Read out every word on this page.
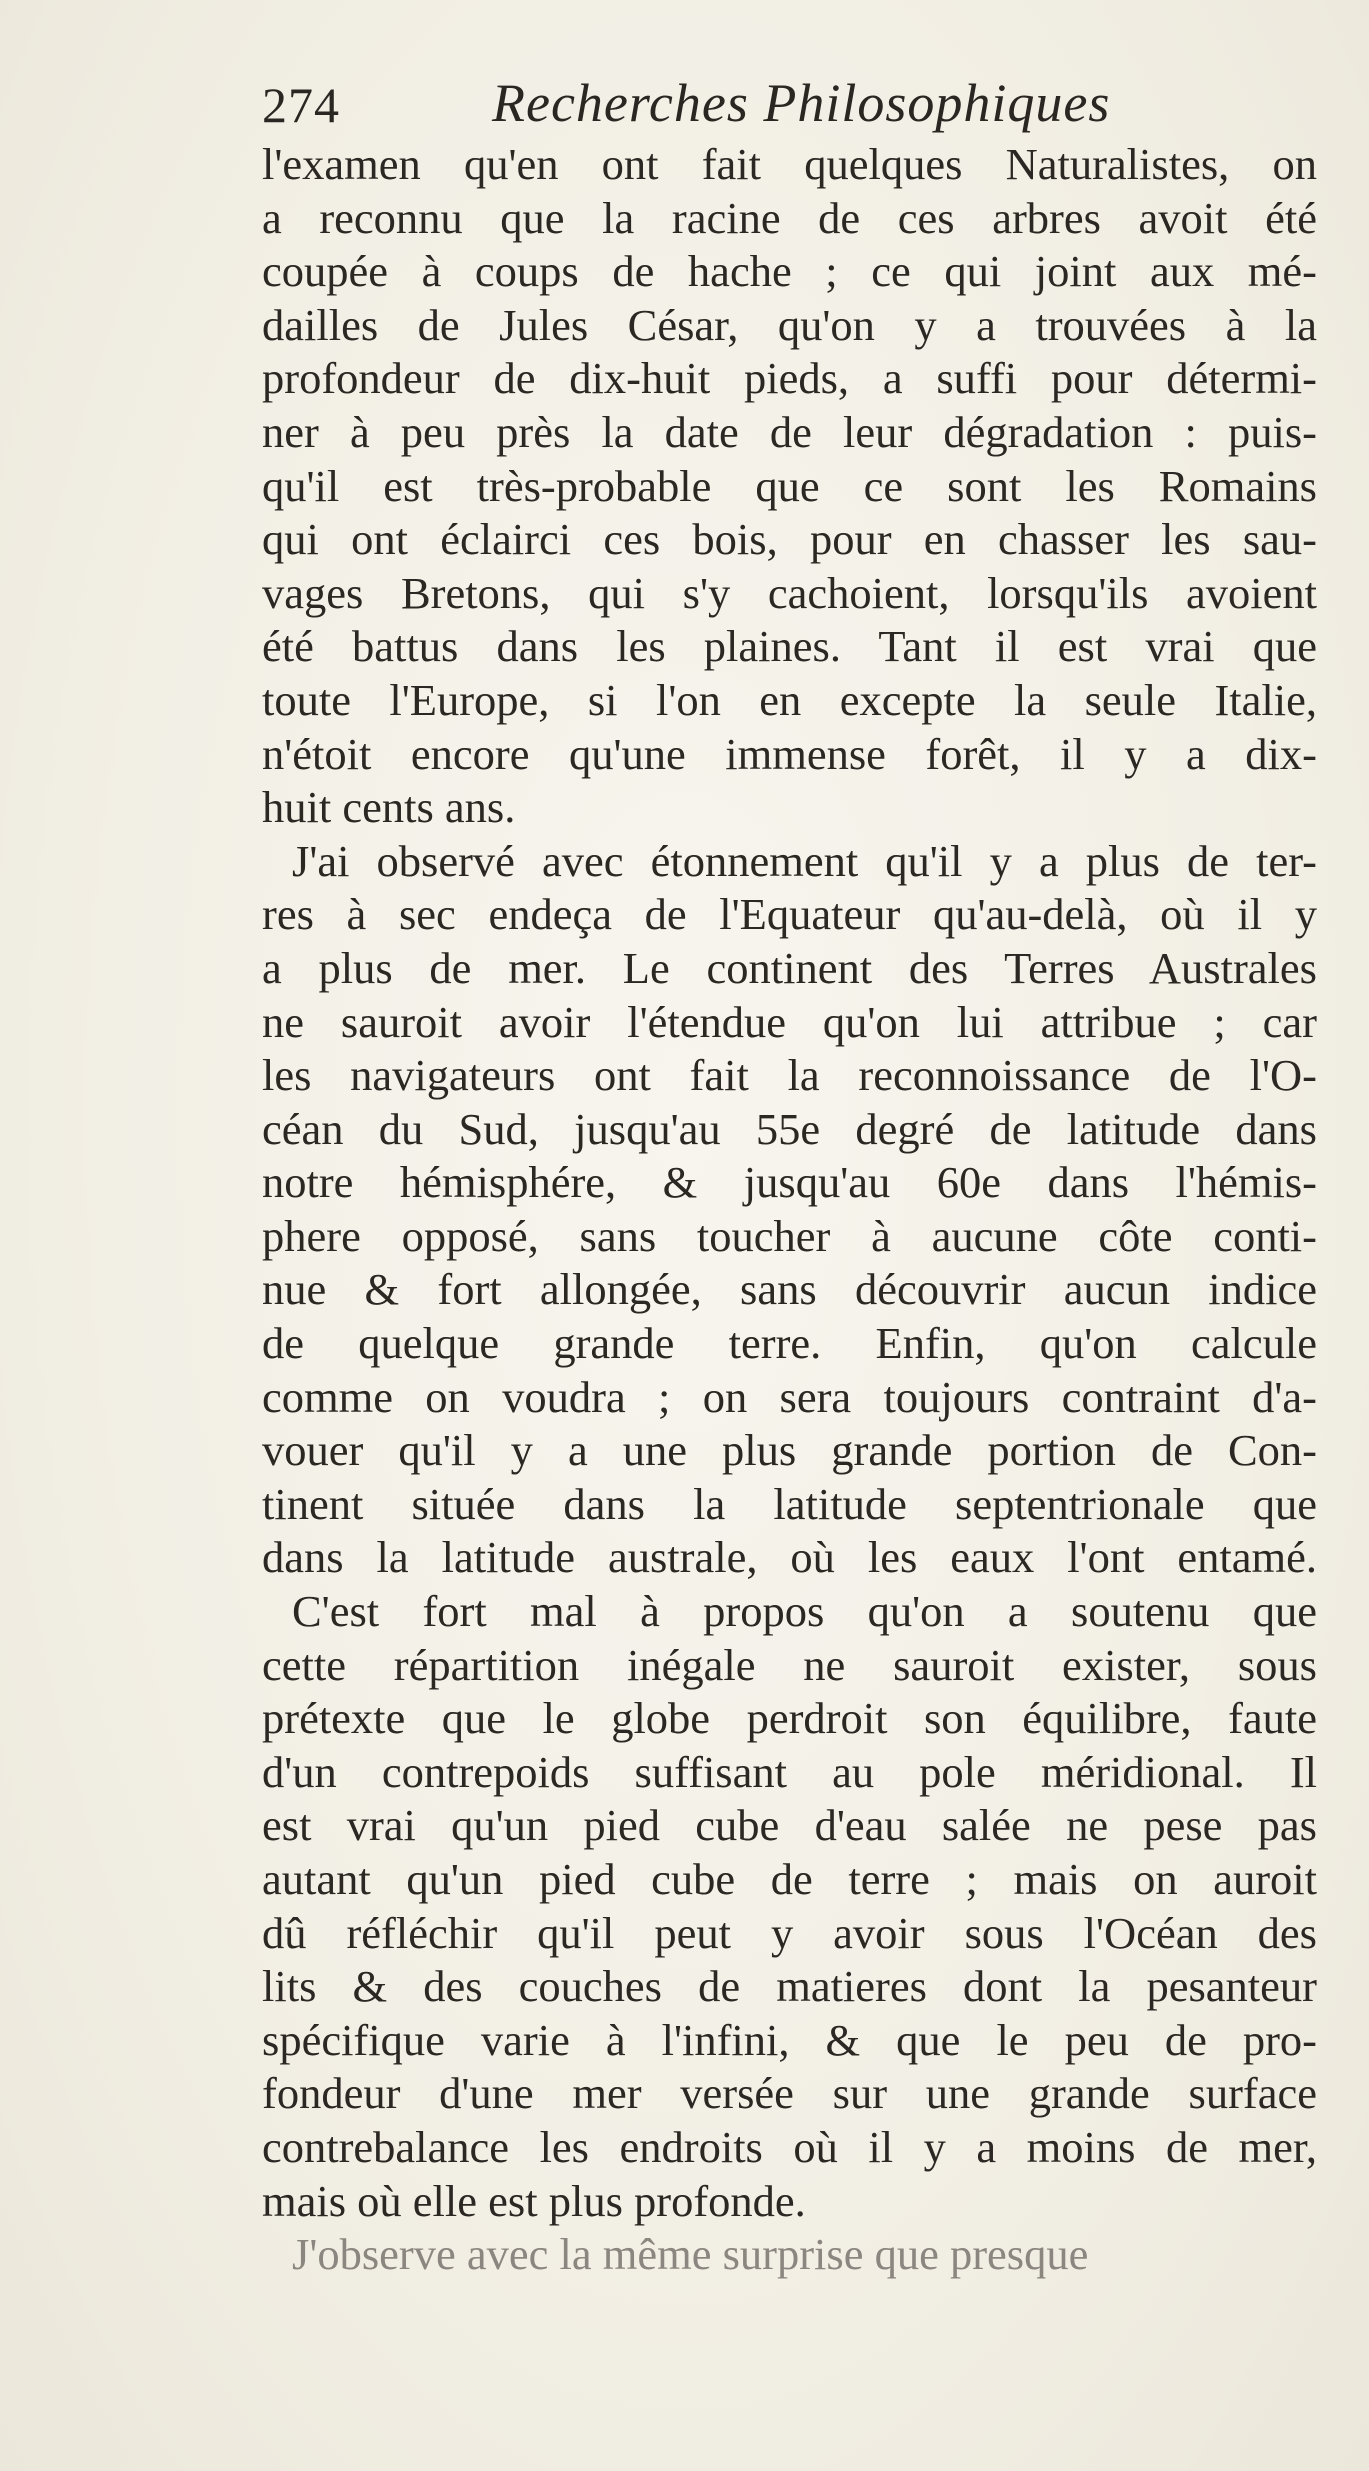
274	Recherches Philosophiques
l'examen qu'en ont fait quelques Naturalistes, on
a reconnu que la racine de ces arbres avoit été
coupée à coups de hache ; ce qui joint aux mé-
dailles de Jules César, qu'on y a trouvées à la
profondeur de dix-huit pieds, a suffi pour détermi-
ner à peu près la date de leur dégradation : puis-
qu'il est très-probable que ce sont les Romains
qui ont éclairci ces bois, pour en chasser les sau-
vages Bretons, qui s'y cachoient, lorsqu'ils avoient
été battus dans les plaines. Tant il est vrai que
toute l'Europe, si l'on en excepte la seule Italie,
n'étoit encore qu'une immense forêt, il y a dix-
huit cents ans.
J'ai observé avec étonnement qu'il y a plus de ter-
res à sec endeça de l'Equateur qu'au-delà, où il y
a plus de mer. Le continent des Terres Australes
ne sauroit avoir l'étendue qu'on lui attribue ; car
les navigateurs ont fait la reconnoissance de l'O-
céan du Sud, jusqu'au 55e degré de latitude dans
notre hémisphére, & jusqu'au 60e dans l'hémis-
phere opposé, sans toucher à aucune côte conti-
nue & fort allongée, sans découvrir aucun indice
de quelque grande terre. Enfin, qu'on calcule
comme on voudra ; on sera toujours contraint d'a-
vouer qu'il y a une plus grande portion de Con-
tinent située dans la latitude septentrionale que
dans la latitude australe, où les eaux l'ont entamé.
C'est fort mal à propos qu'on a soutenu que
cette répartition inégale ne sauroit exister, sous
prétexte que le globe perdroit son équilibre, faute
d'un contrepoids suffisant au pole méridional. Il
est vrai qu'un pied cube d'eau salée ne pese pas
autant qu'un pied cube de terre ; mais on auroit
dû réfléchir qu'il peut y avoir sous l'Océan des
lits & des couches de matieres dont la pesanteur
spécifique varie à l'infini, & que le peu de pro-
fondeur d'une mer versée sur une grande surface
contrebalance les endroits où il y a moins de mer,
mais où elle est plus profonde.
J'observe avec la même surprise que presque
